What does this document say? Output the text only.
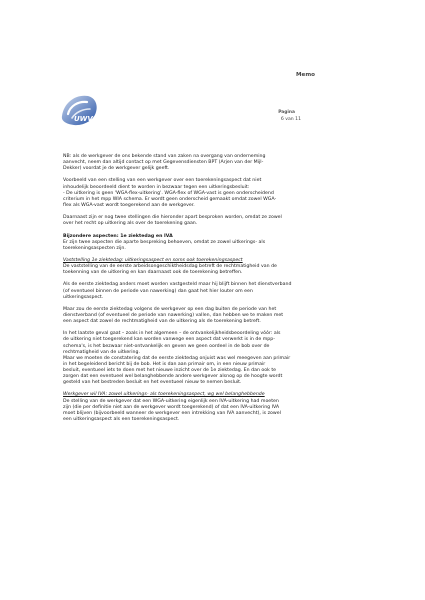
UWV
Memo
Pagina
6 van 11
NB: als de werkgever de ons bekende stand van zaken na overgang van onderneming
aanvecht, neem dan altijd contact op met Gegevensdiensten BPT (Arjen van der Mijl-
Dekker) voordat je de werkgever gelijk geeft.
Voorbeeld van een stelling van een werkgever over een toerekeningsaspect dat niet
inhoudelijk beoordeeld dient te worden in bezwaar tegen een uitkeringsbesluit:
- De uitkering is geen 'WGA-flex-uitkering'. WGA-flex of WGA-vast is geen onderscheidend
criterium in het mpp WIA schema. Er wordt geen onderscheid gemaakt omdat zowel WGA-
flex als WGA-vast wordt toegerekend aan de werkgever.
Daarnaast zijn er nog twee stellingen die hieronder apart besproken worden, omdat ze zowel
over het recht op uitkering als over de toerekening gaan.
Bijzondere aspecten: 1e ziektedag en IVA
Er zijn twee aspecten die aparte bespreking behoeven, omdat ze zowel uitkerings- als
toerekeningsaspecten zijn.
Vaststelling 1e ziektedag: uitkeringsaspect en soms ook toerekeningsaspect
De vaststelling van de eerste arbeidsongeschiktheidsdag betreft de rechtmatigheid van de
toekenning van de uitkering en kan daarnaast ook de toerekening betreffen.
Als de eerste ziektedag anders moet worden vastgesteld maar hij blijft binnen het dienstverband
(of eventueel binnen de periode van nawerking) dan gaat het hier louter om een
uitkeringsaspect.
Maar zou de eerste ziektedag volgens de werkgever op een dag buiten de periode van het
dienstverband (of eventueel de periode van nawerking) vallen, dan hebben we te maken met
een aspect dat zowel de rechtmatigheid van de uitkering als de toerekening betreft.
In het laatste geval gaat – zoals in het algemeen – de ontvankelijkheidsbeoordeling vóór: als
de uitkering niet toegerekend kan worden vanwege een aspect dat verwerkt is in de mpp-
schema's, is het bezwaar niet-ontvankelijk en geven we geen oordeel in de bob over de
rechtmatigheid van de uitkering.
Maar we moeten de constatering dat de eerste ziektedag onjuist was wel meegeven aan primair
in het begeleidend bericht bij de bob. Het is dan aan primair om, in een nieuw primair
besluit, eventueel iets te doen met het nieuwe inzicht over de 1e ziektedag. En dan ook te
zorgen dat een eventueel wel belanghebbende andere werkgever alsnog op de hoogte wordt
gesteld van het bestreden besluit en het eventueel nieuw te nemen besluit.
Werkgever wil IVA: zowel uitkerings- als toerekeningsaspect, wg wel belanghebbende
De stelling van de werkgever dat een WGA-uitkering eigenlijk een IVA-uitkering had moeten
zijn (die per definitie niet aan de werkgever wordt toegerekend) of dat een IVA-uitkering IVA
moet blijven (bijvoorbeeld wanneer de werkgever een intrekking van IVA aanvecht), is zowel
een uitkeringsaspect als een toerekeningsaspect.
